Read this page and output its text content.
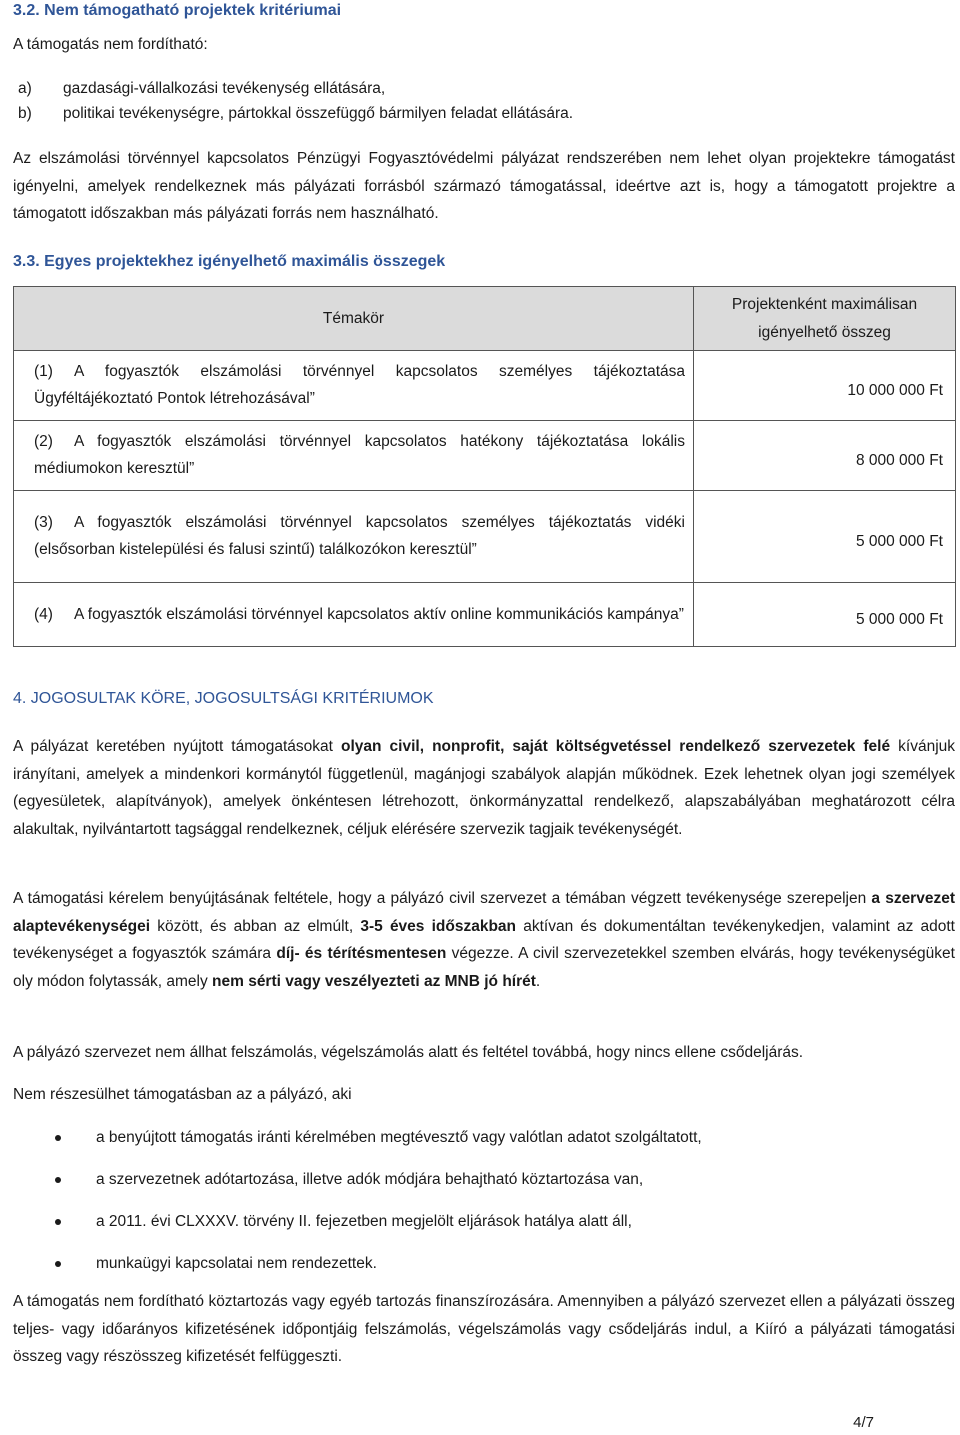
3.2. Nem támogatható projektek kritériumai
A támogatás nem fordítható:
a)	gazdasági-vállalkozási tevékenység ellátására,
b)	politikai tevékenységre, pártokkal összefüggő bármilyen feladat ellátására.

Az elszámolási törvénnyel kapcsolatos Pénzügyi Fogyasztóvédelmi pályázat rendszerében nem lehet olyan projektekre támogatást igényelni, amelyek rendelkeznek más pályázati forrásból származó támogatással, ideértve azt is, hogy a támogatott projektre a támogatott időszakban más pályázati forrás nem használható.

3.3. Egyes projektekhez igényelhető maximális összegek
Témakör	Projektenként maximálisan igényelhető összeg
(1) A fogyasztók elszámolási törvénnyel kapcsolatos személyes tájékoztatása Ügyféltájékoztató Pontok létrehozásával”	10 000 000 Ft
(2) A fogyasztók elszámolási törvénnyel kapcsolatos hatékony tájékoztatása lokális médiumokon keresztül”	8 000 000 Ft
(3) A fogyasztók elszámolási törvénnyel kapcsolatos személyes tájékoztatás vidéki (elsősorban kistelepülési és falusi szintű) találkozókon keresztül”	5 000 000 Ft
(4) A fogyasztók elszámolási törvénnyel kapcsolatos aktív online kommunikációs kampánya”	5 000 000 Ft
4. JOGOSULTAK KÖRE, JOGOSULTSÁGI KRITÉRIUMOK

A pályázat keretében nyújtott támogatásokat olyan civil, nonprofit, saját költségvetéssel rendelkező szervezetek felé kívánjuk irányítani, amelyek a mindenkori kormánytól függetlenül, magánjogi szabályok alapján működnek. Ezek lehetnek olyan jogi személyek (egyesületek, alapítványok), amelyek önkéntesen létrehozott, önkormányzattal rendelkező, alapszabályában meghatározott célra alakultak, nyilvántartott tagsággal rendelkeznek, céljuk elérésére szervezik tagjaik tevékenységét.

A támogatási kérelem benyújtásának feltétele, hogy a pályázó civil szervezet a témában végzett tevékenysége szerepeljen a szervezet alaptevékenységei között, és abban az elmúlt, 3-5 éves időszakban aktívan és dokumentáltan tevékenykedjen, valamint az adott tevékenységet a fogyasztók számára díj- és térítésmentesen végezze. A civil szervezetekkel szemben elvárás, hogy tevékenységüket oly módon folytassák, amely nem sérti vagy veszélyezteti az MNB jó hírét.

A pályázó szervezet nem állhat felszámolás, végelszámolás alatt és feltétel továbbá, hogy nincs ellene csődeljárás.

Nem részesülhet támogatásban az a pályázó, aki

a benyújtott támogatás iránti kérelmében megtévesztő vagy valótlan adatot szolgáltatott,
a szervezetnek adótartozása, illetve adók módjára behajtható köztartozása van,
a 2011. évi CLXXXV. törvény II. fejezetben megjelölt eljárások hatálya alatt áll,
munkaügyi kapcsolatai nem rendezettek.

A támogatás nem fordítható köztartozás vagy egyéb tartozás finanszírozására. Amennyiben a pályázó szervezet ellen a pályázati összeg teljes- vagy időarányos kifizetésének időpontjáig felszámolás, végelszámolás vagy csődeljárás indul, a Kiíró a pályázati támogatási összeg vagy részösszeg kifizetését felfüggeszti.

4/7
